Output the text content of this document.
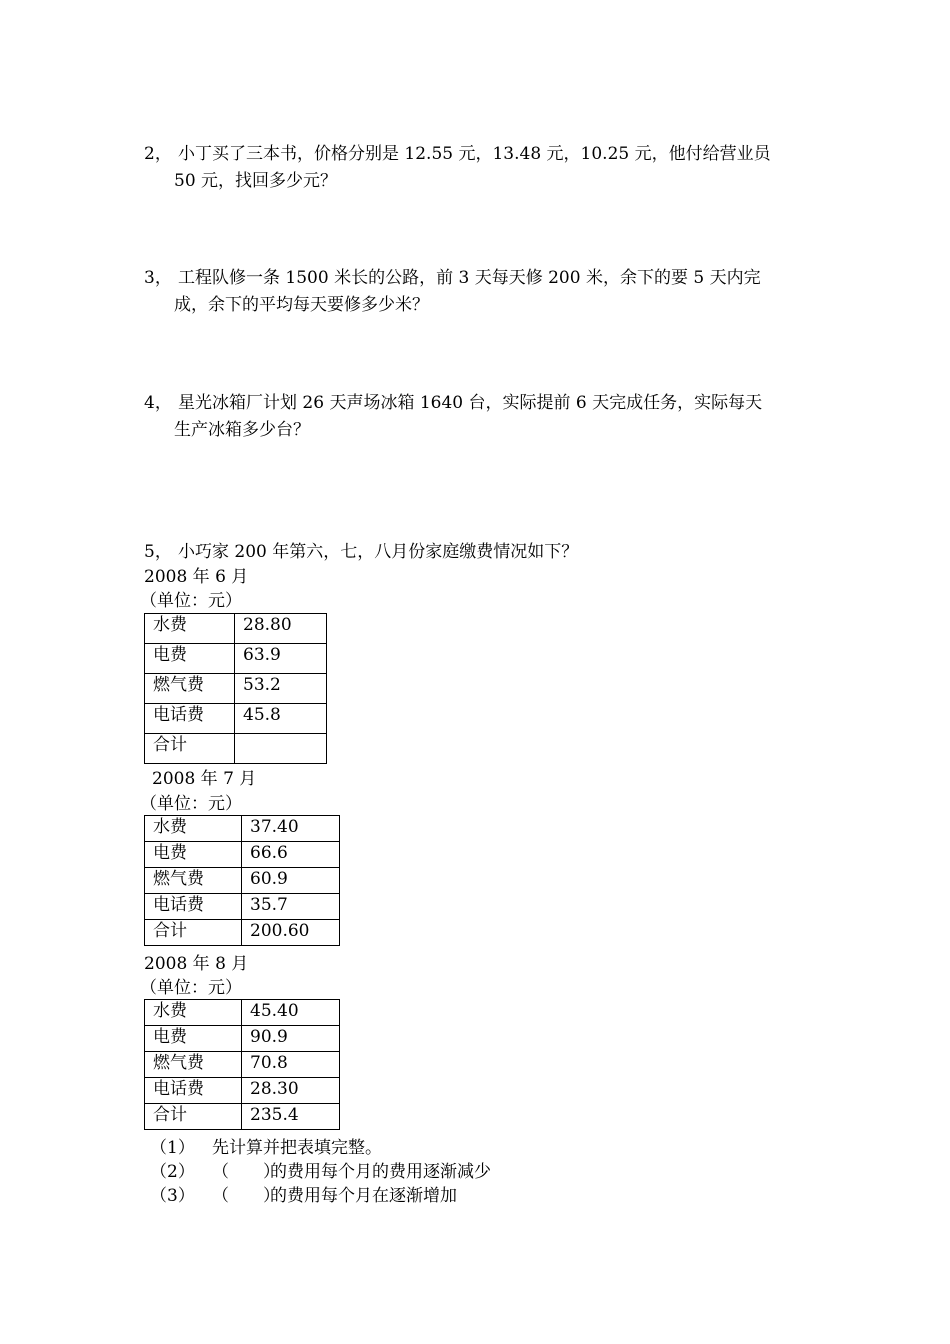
2， 小丁买了三本书，价格分别是 12.55 元，13.48 元，10.25 元，他付给营业员
50 元，找回多少元？
3， 工程队修一条 1500 米长的公路，前 3 天每天修 200 米，余下的要 5 天内完
成，余下的平均每天要修多少米？
4， 星光冰箱厂计划 26 天声场冰箱 1640 台，实际提前 6 天完成任务，实际每天
生产冰箱多少台？
5， 小巧家 200 年第六，七，八月份家庭缴费情况如下？
2008 年 6 月
（单位：元）
水费	28.80
电费	63.9
燃气费	53.2
电话费	45.8
合计	
2008 年 7 月
（单位：元）
水费	37.40
电费	66.6
燃气费	60.9
电话费	35.7
合计	200.60
2008 年 8 月
（单位：元）
水费	45.40
电费	90.9
燃气费	70.8
电话费	28.30
合计	235.4
（1） 先计算并把表填完整。
（2） （　　）的费用每个月的费用逐渐减少
（3） （　　）的费用每个月在逐渐增加
